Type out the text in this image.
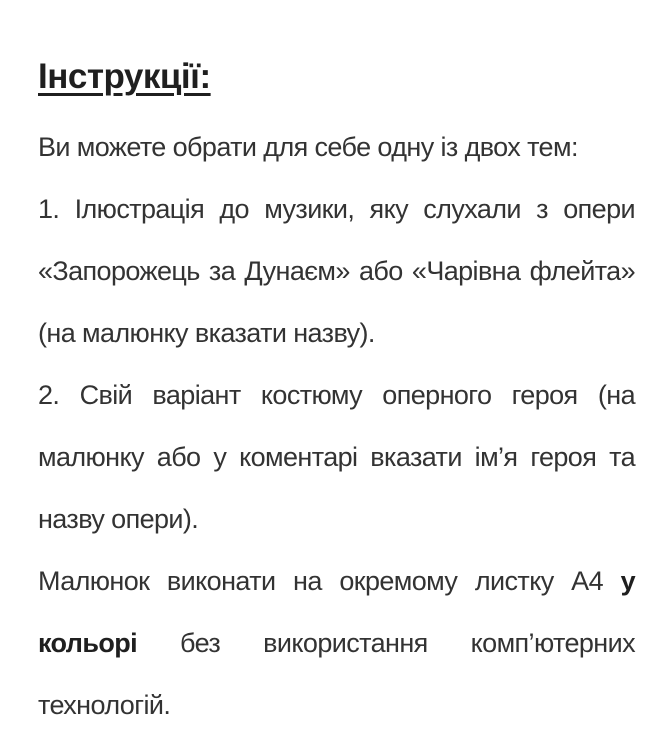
Інструкції:

Ви можете обрати для себе одну із двох тем:

1. Ілюстрація до музики, яку слухали з опери «Запорожець за Дунаєм» або «Чарівна флейта» (на малюнку вказати назву).

2. Свій варіант костюму оперного героя (на малюнку або у коментарі вказати ім’я героя та назву опери).

Малюнок виконати на окремому листку А4 у кольорі без використання комп’ютерних технологій.
